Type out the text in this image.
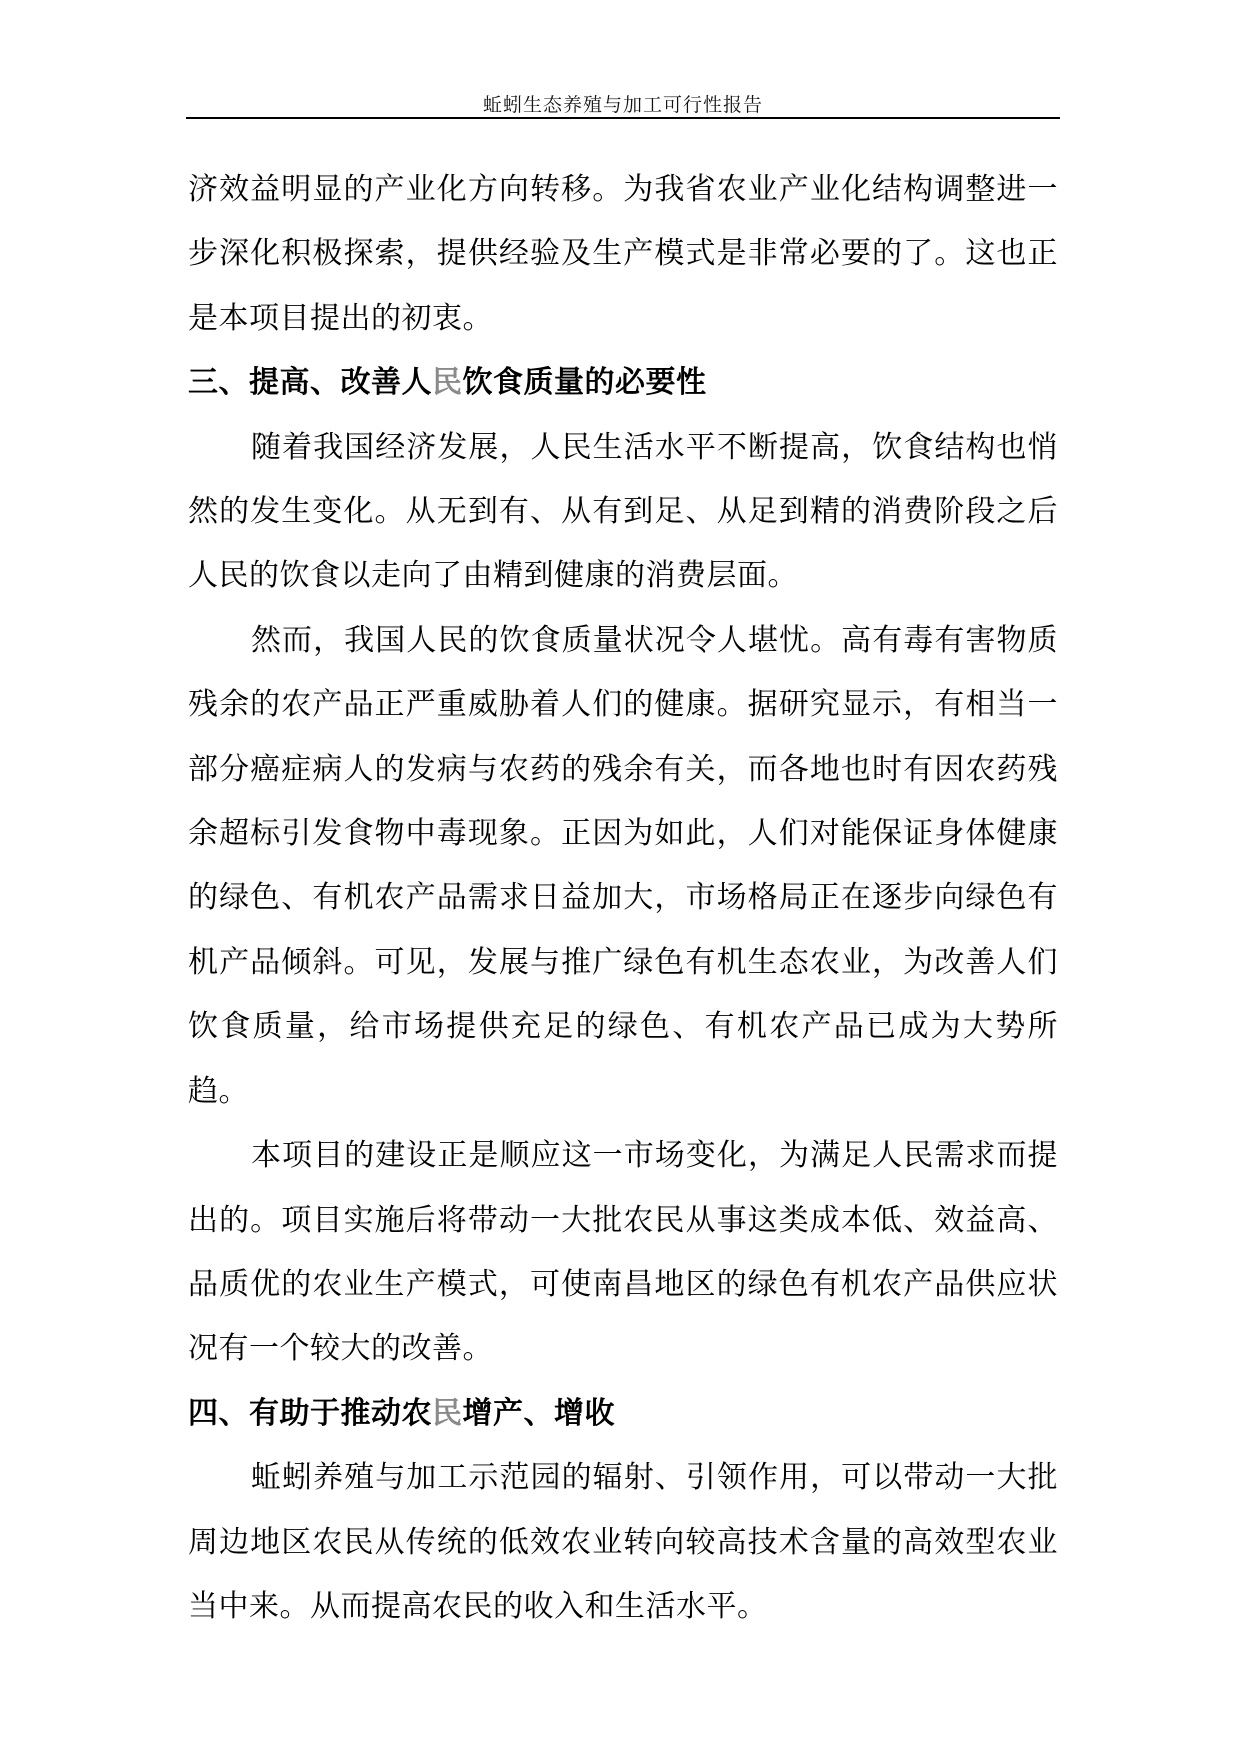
蚯蚓生态养殖与加工可行性报告

济效益明显的产业化方向转移。为我省农业产业化结构调整进一步深化积极探索，提供经验及生产模式是非常必要的了。这也正是本项目提出的初衷。

三、提高、改善人民饮食质量的必要性

随着我国经济发展，人民生活水平不断提高，饮食结构也悄然的发生变化。从无到有、从有到足、从足到精的消费阶段之后人民的饮食以走向了由精到健康的消费层面。

然而，我国人民的饮食质量状况令人堪忧。高有毒有害物质残余的农产品正严重威胁着人们的健康。据研究显示，有相当一部分癌症病人的发病与农药的残余有关，而各地也时有因农药残余超标引发食物中毒现象。正因为如此，人们对能保证身体健康的绿色、有机农产品需求日益加大，市场格局正在逐步向绿色有机产品倾斜。可见，发展与推广绿色有机生态农业，为改善人们饮食质量，给市场提供充足的绿色、有机农产品已成为大势所趋。

本项目的建设正是顺应这一市场变化，为满足人民需求而提出的。项目实施后将带动一大批农民从事这类成本低、效益高、品质优的农业生产模式，可使南昌地区的绿色有机农产品供应状况有一个较大的改善。

四、有助于推动农民增产、增收

蚯蚓养殖与加工示范园的辐射、引领作用，可以带动一大批周边地区农民从传统的低效农业转向较高技术含量的高效型农业当中来。从而提高农民的收入和生活水平。
